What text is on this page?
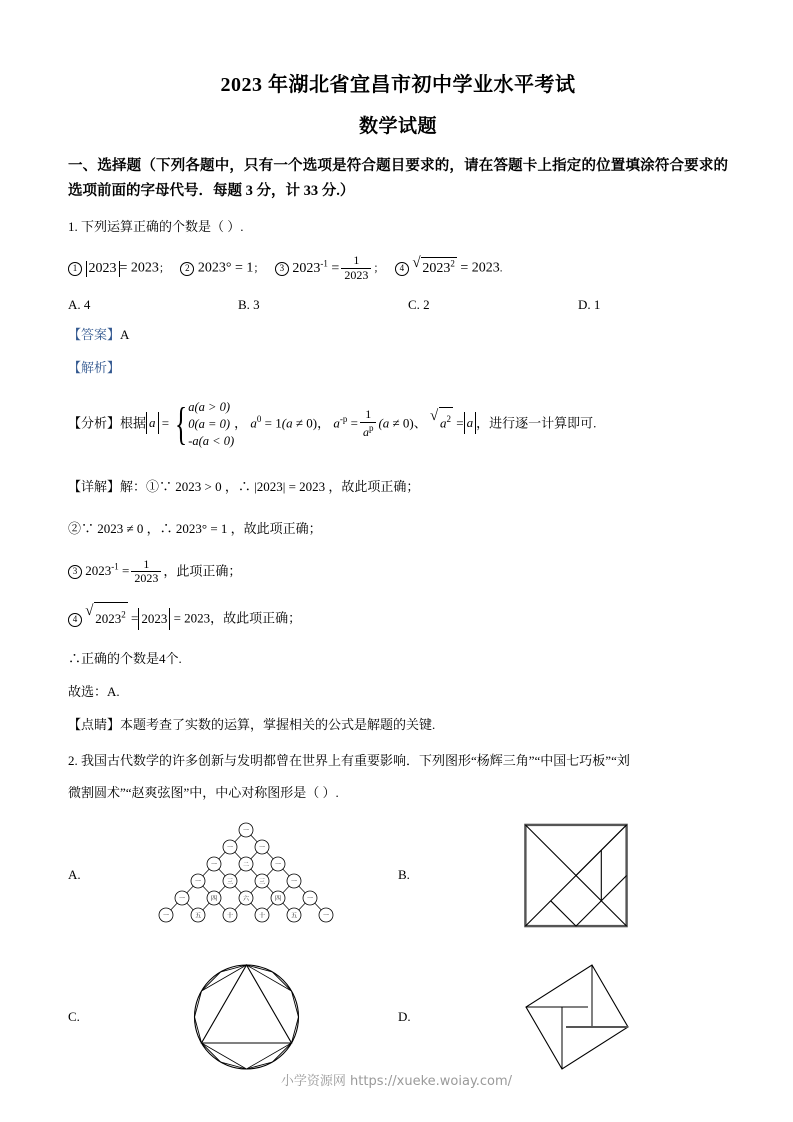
2023 年湖北省宜昌市初中学业水平考试
数学试题
一、选择题（下列各题中，只有一个选项是符合题目要求的，请在答题卡上指定的位置填涂符合要求的选项前面的字母代号．每题 3 分，计 33 分.）
1. 下列运算正确的个数是（ ）.
1 2023 = 2023； 2 2023° = 1； 3 $2023^{-1} = \frac{1}{2023}$ ； 4 √ $2023^2 = 2023$.
A. 4	B. 3	C. 2	D. 1
【答案】A
【解析】
【分析】根据 a = { a(a > 0)
0(a = 0)
-a(a < 0)
， $a^0 = 1(a \ne 0)$， $a^{-p} = \frac{1}{a^p} (a \ne 0)$、 √ $a^2 = a$ ，进行逐一计算即可.
【详解】解：①∵ 2023 > 0 ，∴ |2023| = 2023 ，故此项正确；
②∵ 2023 ≠ 0 ，∴ 2023° = 1 ，故此项正确；
3 $2023^{-1} = \frac{1}{2023}$ ，此项正确；
4 √ $2023^2 = 2023 = 2023$，故此项正确；
∴正确的个数是4个.
故选：A.
【点睛】本题考查了实数的运算，掌握相关的公式是解题的关键.
2. 我国古代数学的许多创新与发明都曾在世界上有重要影响．下列图形“杨辉三角”“中国七巧板”“刘
微割圆术”“赵爽弦图”中，中心对称图形是（ ）.
A.
一
一	一
一	二	一
一	三	三	一
一	四	六	四	一
一	五	十	十	五	一
B.
C.	D.
小学资源网 https://xueke.woiay.com/
